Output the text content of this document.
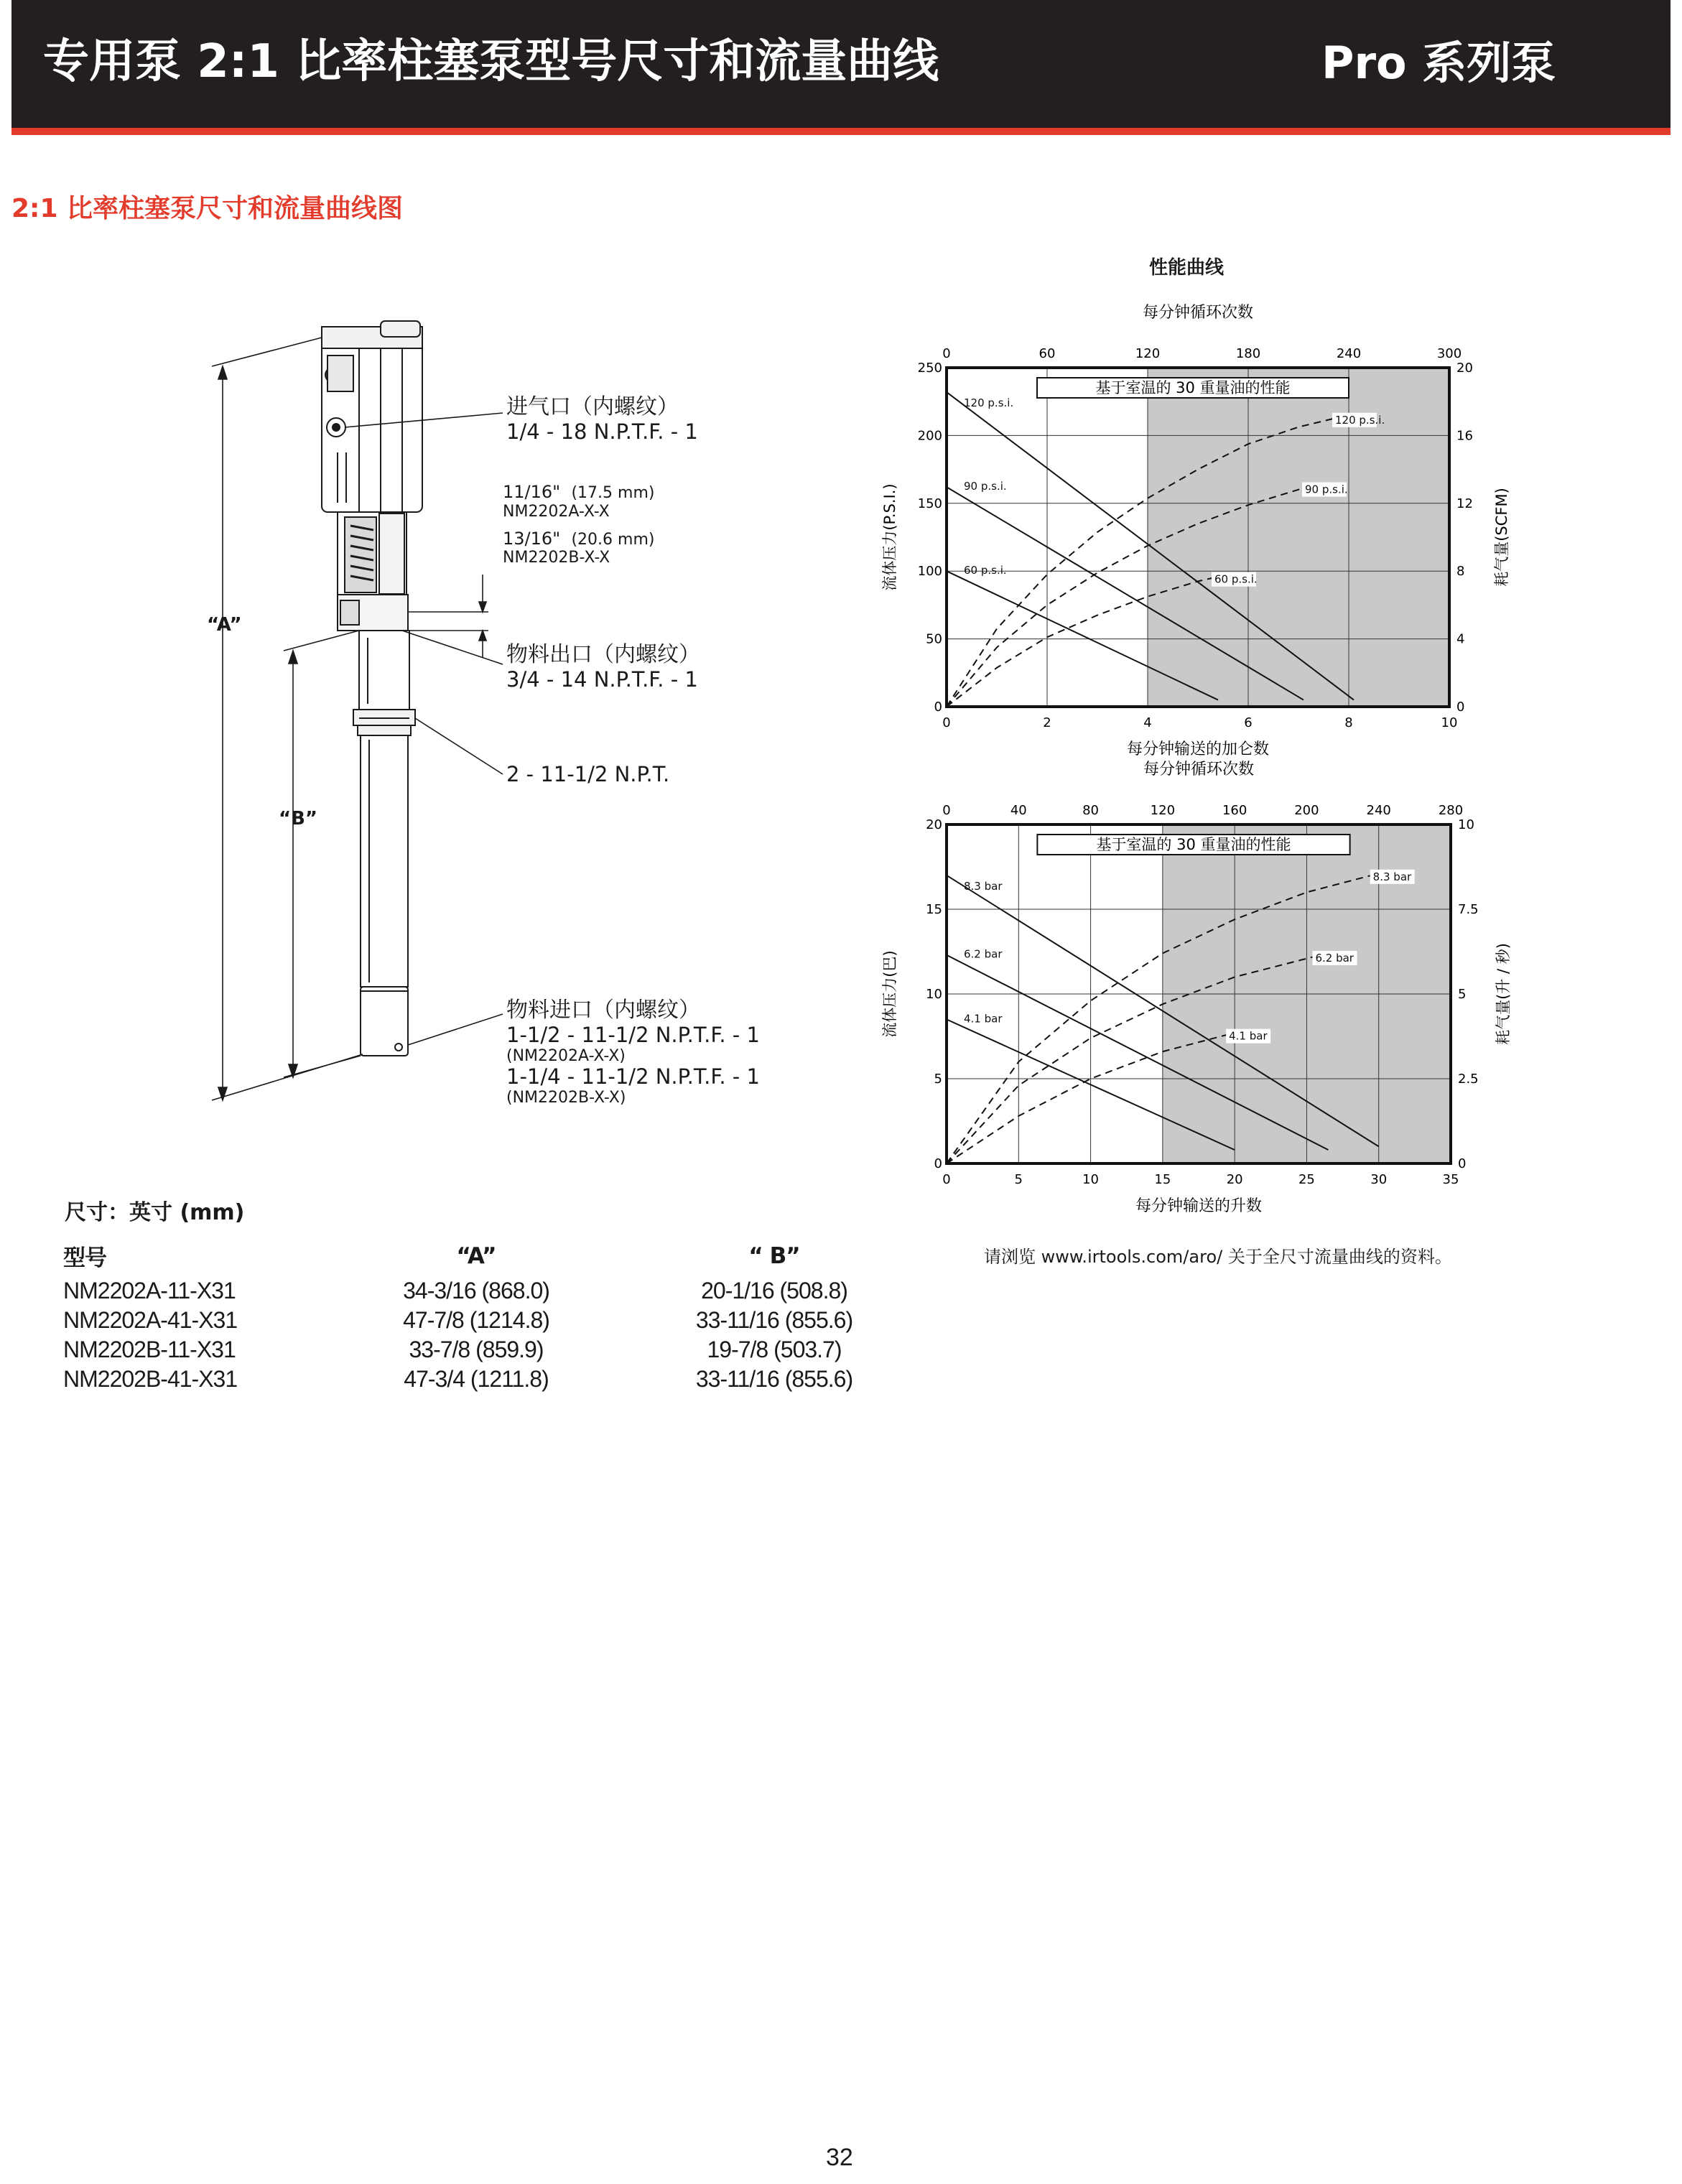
专用泵 2:1 比率柱塞泵型号尺寸和流量曲线	Pro 系列泵
2:1 比率柱塞泵尺寸和流量曲线图
“A”
“B”
进气口（内螺纹）
1/4 - 18 N.P.T.F. - 1
11/16" (17.5 mm)
NM2202A-X-X
13/16" (20.6 mm)
NM2202B-X-X
物料出口（内螺纹）
3/4 - 14 N.P.T.F. - 1
2 - 11-1/2 N.P.T.
物料进口（内螺纹）
1-1/2 - 11-1/2 N.P.T.F. - 1
(NM2202A-X-X)
1-1/4 - 11-1/2 N.P.T.F. - 1
(NM2202B-X-X)
尺寸：英寸 (mm)
型号	“A”	“ B”
NM2202A-11-X31	34-3/16 (868.0)	20-1/16 (508.8)
NM2202A-41-X31	47-7/8 (1214.8)	33-11/16 (855.6)
NM2202B-11-X31	33-7/8 (859.9)	19-7/8 (503.7)
NM2202B-41-X31	47-3/4 (1211.8)	33-11/16 (855.6)
性能曲线
0	2	4	6	8	10
0	60	120	180	240	300
0
50
100
150
200
250
0
4
8
12
16
20
每分钟循环次数
每分钟输送的加仑数
流体压力(P.S.I.)	耗气量(SCFM)
基于室温的 30 重量油的性能
120 p.s.i.
90 p.s.i.
60 p.s.i.
120 p.s.i.
90 p.s.i.
60 p.s.i.
0	5	10	15	20	25	30	35
0	40	80	120	160	200	240	280
0
5
10
15
20
0
2.5
5
7.5
10
每分钟循环次数
每分钟输送的升数
流体压力(巴)	耗气量(升 / 秒)
基于室温的 30 重量油的性能
8.3 bar
6.2 bar
4.1 bar
8.3 bar
6.2 bar
4.1 bar
请浏览 www.irtools.com/aro/ 关于全尺寸流量曲线的资料。
32
